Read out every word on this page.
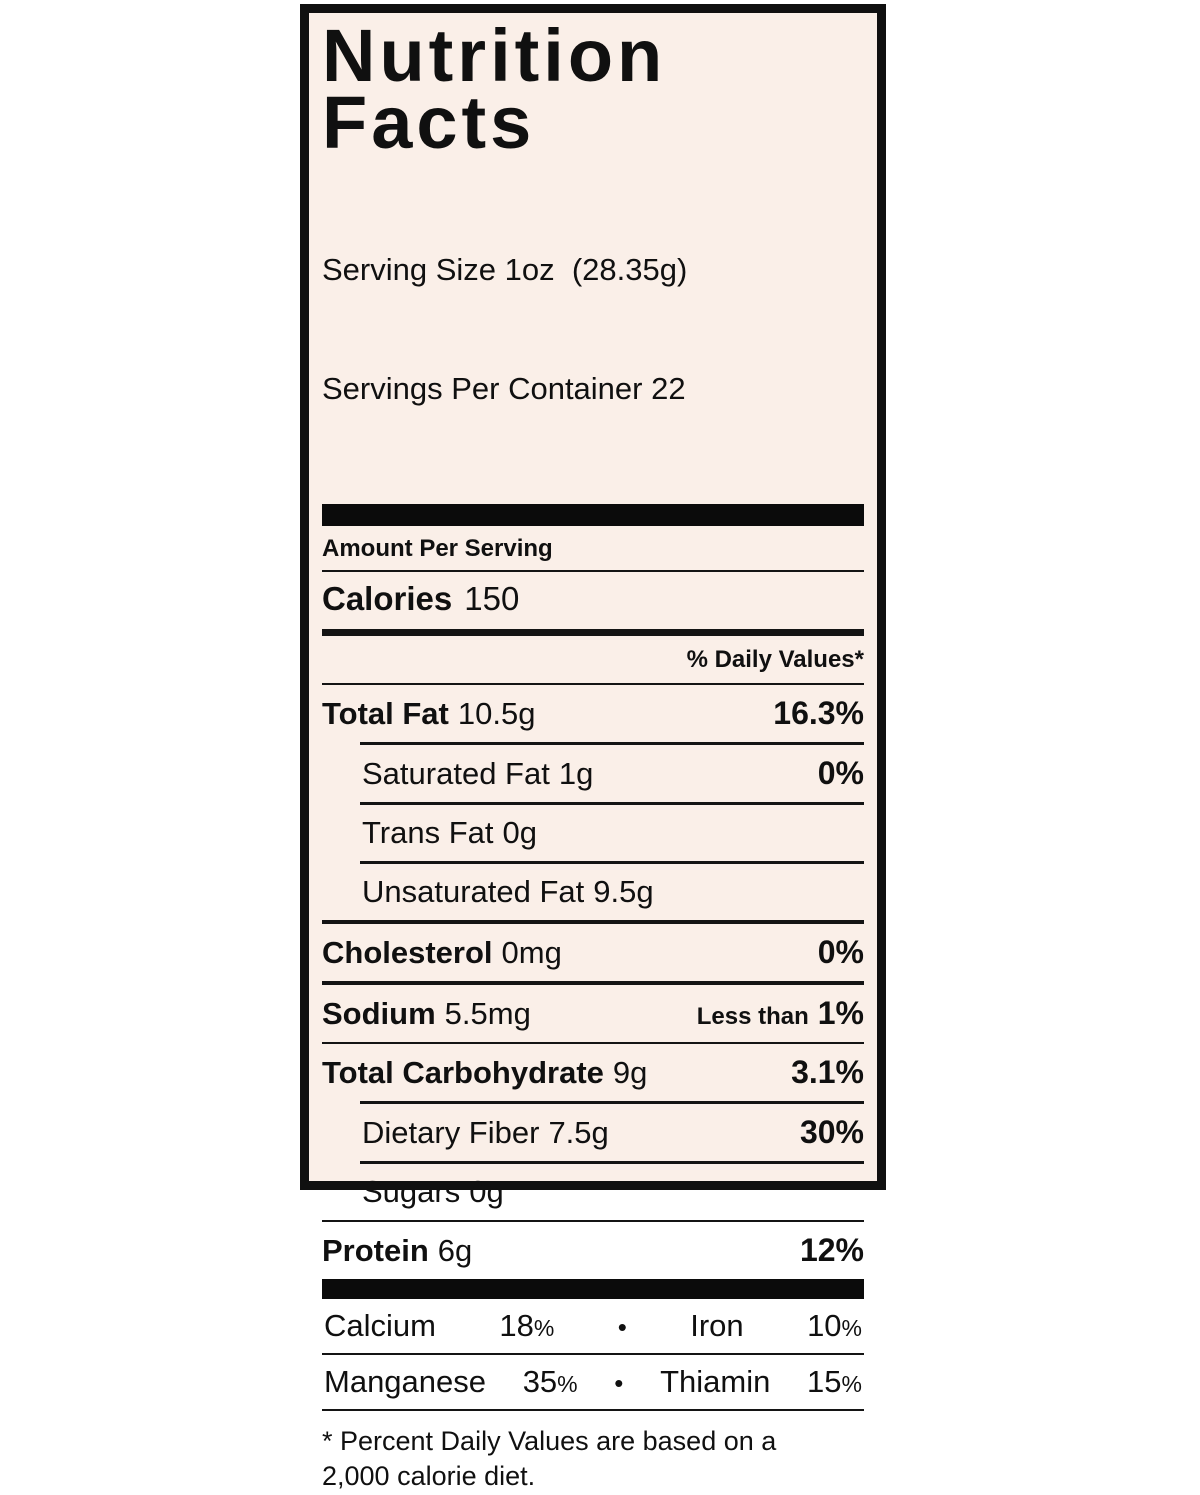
Nutrition
Facts

Serving Size 1oz  (28.35g)

Servings Per Container 22

Amount Per Serving
Calories 150
% Daily Values*
Total Fat 10.5g	16.3%
Saturated Fat 1g	0%
Trans Fat 0g
Unsaturated Fat 9.5g
Cholesterol 0mg	0%
Sodium 5.5mg	Less than 1%
Total Carbohydrate 9g	3.1%
Dietary Fiber 7.5g	30%
Sugars 0g
Protein 6g	12%
Calcium 18% • Iron 10%
Manganese 35% • Thiamin 15%
* Percent Daily Values are based on a
2,000 calorie diet.
